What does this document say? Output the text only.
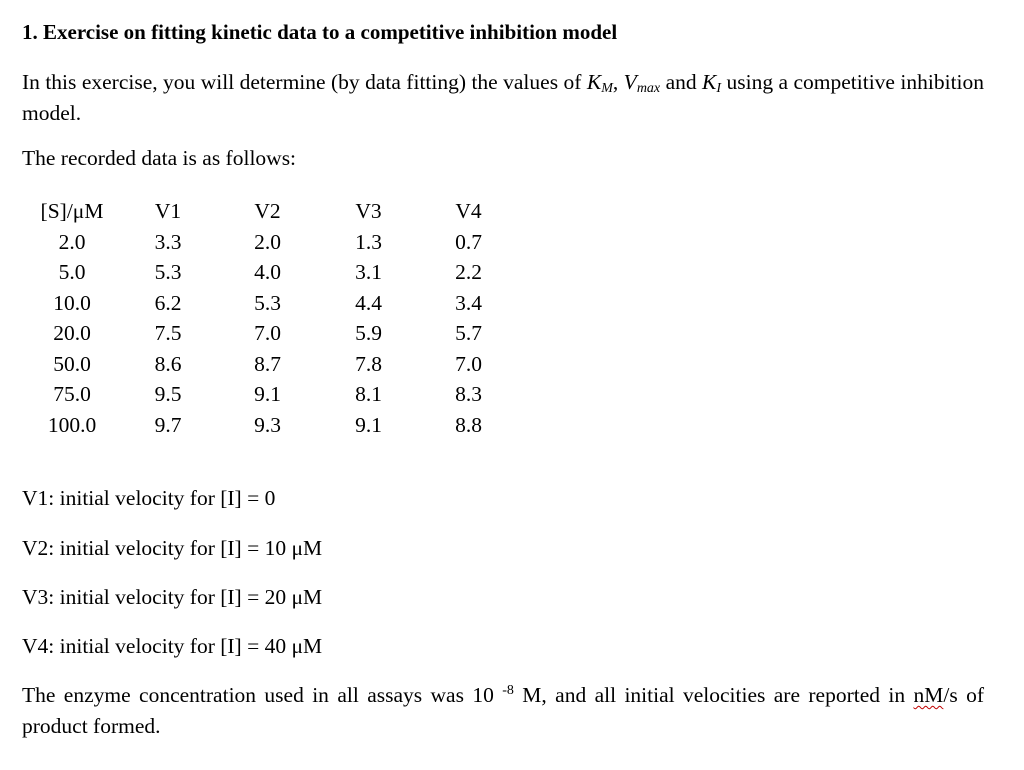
1. Exercise on fitting kinetic data to a competitive inhibition model

In this exercise, you will determine (by data fitting) the values of $K_M$, $V_{max}$ and $K_I$ using a competitive inhibition model.

The recorded data is as follows:
[S]/μM	V1	V2	V3	V4
2.0	3.3	2.0	1.3	0.7
5.0	5.3	4.0	3.1	2.2
10.0	6.2	5.3	4.4	3.4
20.0	7.5	7.0	5.9	5.7
50.0	8.6	8.7	7.8	7.0
75.0	9.5	9.1	8.1	8.3
100.0	9.7	9.3	9.1	8.8
V1: initial velocity for [I] = 0
V2: initial velocity for [I] = 10 μM
V3: initial velocity for [I] = 20 μM
V4: initial velocity for [I] = 40 μM

The enzyme concentration used in all assays was 10 $^{-8}$ M, and all initial velocities are reported in nM/s of product formed.
